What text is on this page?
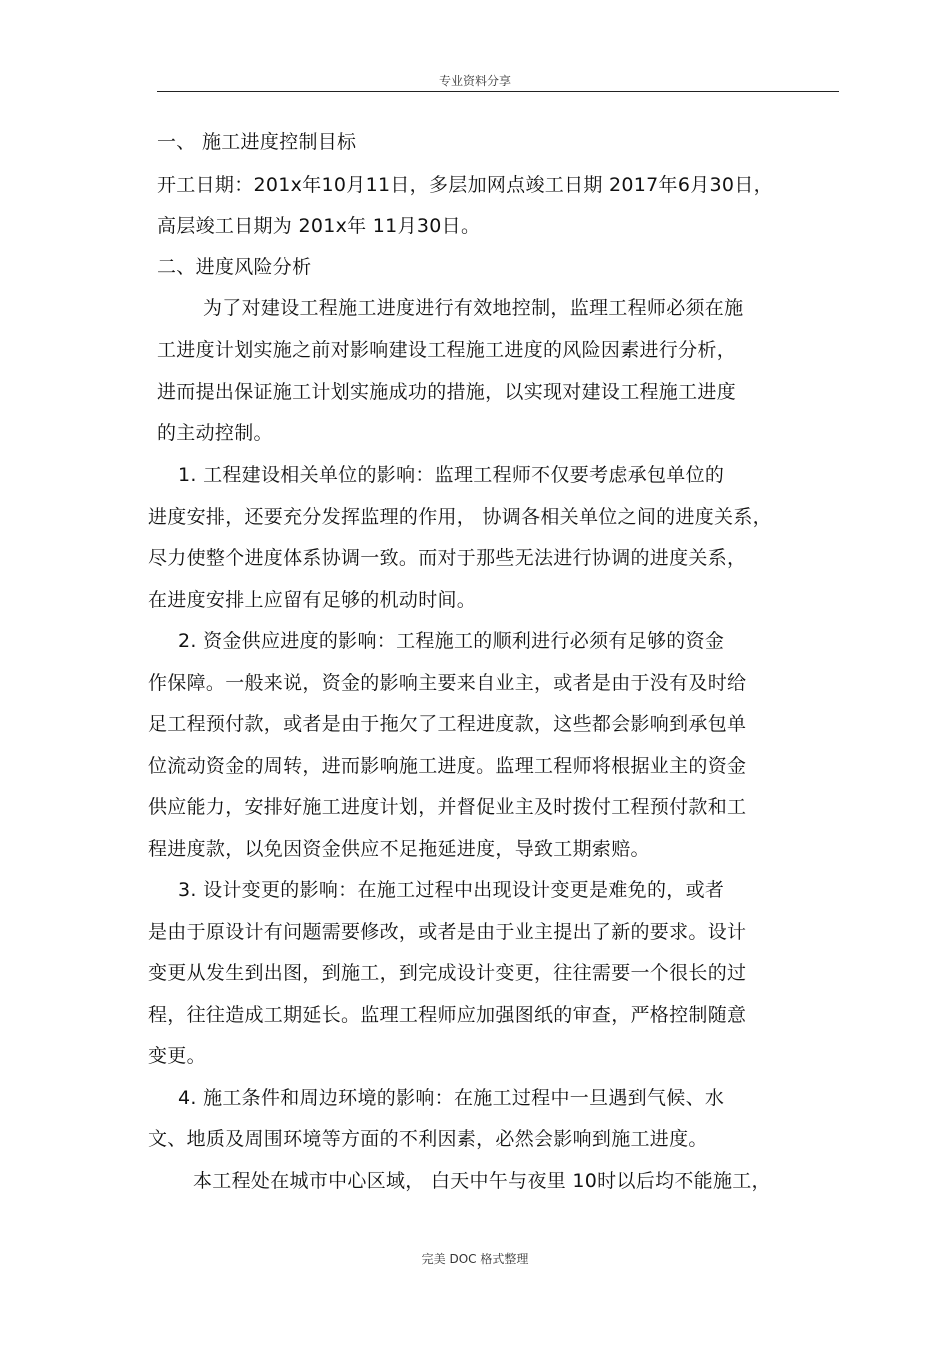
专业资料分享
一、 施工进度控制目标
开工日期：201x年10月11日，多层加网点竣工日期 2017年6月30日，
高层竣工日期为 201x年 11月30日。
二、进度风险分析
为了对建设工程施工进度进行有效地控制，监理工程师必须在施
工进度计划实施之前对影响建设工程施工进度的风险因素进行分析，
进而提出保证施工计划实施成功的措施，以实现对建设工程施工进度
的主动控制。
1. 工程建设相关单位的影响：监理工程师不仅要考虑承包单位的
进度安排，还要充分发挥监理的作用， 协调各相关单位之间的进度关系，
尽力使整个进度体系协调一致。而对于那些无法进行协调的进度关系，
在进度安排上应留有足够的机动时间。
2. 资金供应进度的影响：工程施工的顺利进行必须有足够的资金
作保障。一般来说，资金的影响主要来自业主，或者是由于没有及时给
足工程预付款，或者是由于拖欠了工程进度款，这些都会影响到承包单
位流动资金的周转，进而影响施工进度。监理工程师将根据业主的资金
供应能力，安排好施工进度计划，并督促业主及时拨付工程预付款和工
程进度款，以免因资金供应不足拖延进度，导致工期索赔。
3. 设计变更的影响：在施工过程中出现设计变更是难免的，或者
是由于原设计有问题需要修改，或者是由于业主提出了新的要求。设计
变更从发生到出图，到施工，到完成设计变更，往往需要一个很长的过
程，往往造成工期延长。监理工程师应加强图纸的审查，严格控制随意
变更。
4. 施工条件和周边环境的影响：在施工过程中一旦遇到气候、水
文、地质及周围环境等方面的不利因素，必然会影响到施工进度。
本工程处在城市中心区域， 白天中午与夜里 10时以后均不能施工，
完美 DOC 格式整理
